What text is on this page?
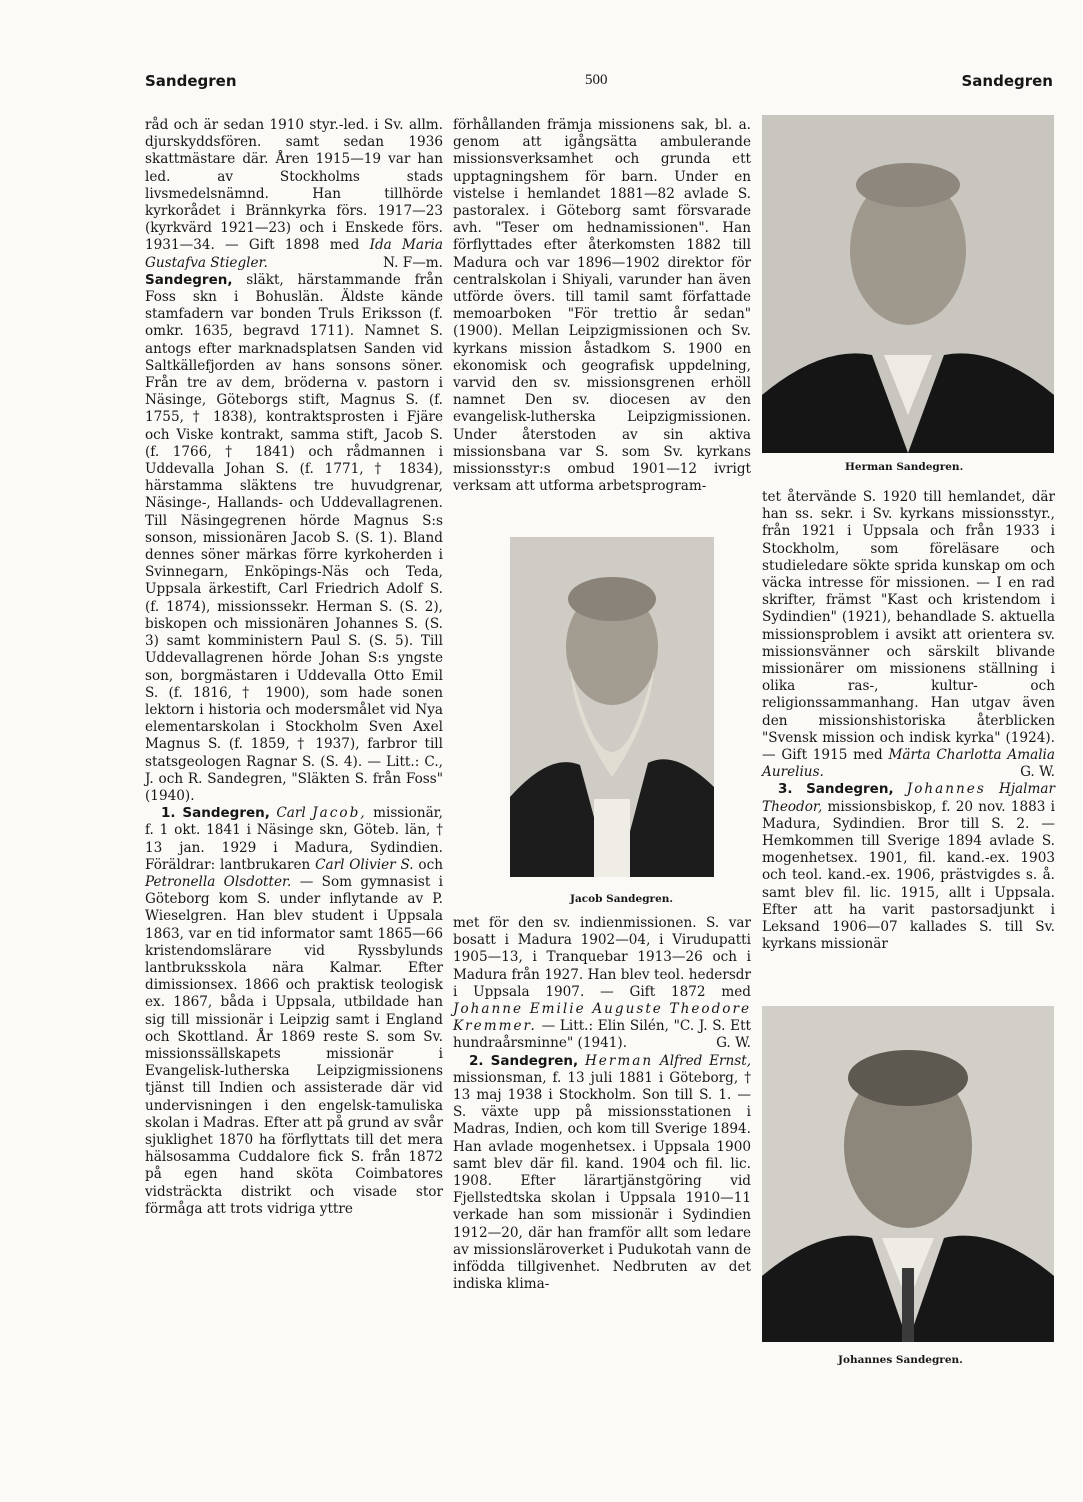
Sandegren	500	Sandegren

råd och är sedan 1910 styr.-led. i Sv. allm. djurskyddsfören. samt sedan 1936 skattmästare där. Åren 1915—19 var han led. av Stockholms stads livsmedelsnämnd. Han tillhörde kyrkorådet i Brännkyrka förs. 1917—23 (kyrkvärd 1921—23) och i Enskede förs. 1931—34. — Gift 1898 med Ida Maria Gustafva Stiegler.	N. F—m.

Sandegren, släkt, härstammande från Foss skn i Bohuslän. Äldste kände stamfadern var bonden Truls Eriksson (f. omkr. 1635, begravd 1711). Namnet S. antogs efter marknadsplatsen Sanden vid Saltkällefjorden av hans sonsons söner. Från tre av dem, bröderna v. pastorn i Näsinge, Göteborgs stift, Magnus S. (f. 1755, † 1838), kontraktsprosten i Fjäre och Viske kontrakt, samma stift, Jacob S. (f. 1766, † 1841) och rådmannen i Uddevalla Johan S. (f. 1771, † 1834), härstamma släktens tre huvudgrenar, Näsinge-, Hallands- och Uddevallagrenen. Till Näsingegrenen hörde Magnus S:s sonson, missionären Jacob S. (S. 1). Bland dennes söner märkas förre kyrkoherden i Svinnegarn, Enköpings-Näs och Teda, Uppsala ärkestift, Carl Friedrich Adolf S. (f. 1874), missionssekr. Herman S. (S. 2), biskopen och missionären Johannes S. (S. 3) samt komministern Paul S. (S. 5). Till Uddevallagrenen hörde Johan S:s yngste son, borgmästaren i Uddevalla Otto Emil S. (f. 1816, † 1900), som hade sonen lektorn i historia och modersmålet vid Nya elementarskolan i Stockholm Sven Axel Magnus S. (f. 1859, † 1937), farbror till statsgeologen Ragnar S. (S. 4). — Litt.: C., J. och R. Sandegren, "Släkten S. från Foss" (1940).

1. Sandegren, Carl Jacob, missionär, f. 1 okt. 1841 i Näsinge skn, Göteb. län, † 13 jan. 1929 i Madura, Sydindien. Föräldrar: lantbrukaren Carl Olivier S. och Petronella Olsdotter. — Som gymnasist i Göteborg kom S. under inflytande av P. Wieselgren. Han blev student i Uppsala 1863, var en tid informator samt 1865—66 kristendomslärare vid Ryssbylunds lantbruksskola nära Kalmar. Efter dimissionsex. 1866 och praktisk teologisk ex. 1867, båda i Uppsala, utbildade han sig till missionär i Leipzig samt i England och Skottland. År 1869 reste S. som Sv. missionssällskapets missionär i Evangelisk-lutherska Leipzigmissionens tjänst till Indien och assisterade där vid undervisningen i den engelsk-tamuliska skolan i Madras. Efter att på grund av svår sjuklighet 1870 ha förflyttats till det mera hälsosamma Cuddalore fick S. från 1872 på egen hand sköta Coimbatores vidsträckta distrikt och visade stor förmåga att trots vidriga yttre

förhållanden främja missionens sak, bl. a. genom att igångsätta ambulerande missionsverksamhet och grunda ett upptagningshem för barn. Under en vistelse i hemlandet 1881—82 avlade S. pastoralex. i Göteborg samt försvarade avh. "Teser om hednamissionen". Han förflyttades efter återkomsten 1882 till Madura och var 1896—1902 direktor för centralskolan i Shiyali, varunder han även utförde övers. till tamil samt författade memoarboken "För trettio år sedan" (1900). Mellan Leipzigmissionen och Sv. kyrkans mission åstadkom S. 1900 en ekonomisk och geografisk uppdelning, varvid den sv. missionsgrenen erhöll namnet Den sv. diocesen av den evangelisk-lutherska Leipzigmissionen. Under återstoden av sin aktiva missionsbana var S. som Sv. kyrkans missionsstyr:s ombud 1901—12 ivrigt verksam att utforma arbetsprogram-

Jacob Sandegren.

met för den sv. indienmissionen. S. var bosatt i Madura 1902—04, i Virudupatti 1905—13, i Tranquebar 1913—26 och i Madura från 1927. Han blev teol. hedersdr i Uppsala 1907. — Gift 1872 med Johanne Emilie Auguste Theodore Kremmer. — Litt.: Elin Silén, "C. J. S. Ett hundraårsminne" (1941).	G. W.

2. Sandegren, Herman Alfred Ernst, missionsman, f. 13 juli 1881 i Göteborg, † 13 maj 1938 i Stockholm. Son till S. 1. — S. växte upp på missionsstationen i Madras, Indien, och kom till Sverige 1894. Han avlade mogenhetsex. i Uppsala 1900 samt blev där fil. kand. 1904 och fil. lic. 1908. Efter lärartjänstgöring vid Fjellstedtska skolan i Uppsala 1910—11 verkade han som missionär i Sydindien 1912—20, där han framför allt som ledare av missionsläroverket i Pudukotah vann de infödda tillgivenhet. Nedbruten av det indiska klima-

Herman Sandegren.

tet återvände S. 1920 till hemlandet, där han ss. sekr. i Sv. kyrkans missionsstyr., från 1921 i Uppsala och från 1933 i Stockholm, som föreläsare och studieledare sökte sprida kunskap om och väcka intresse för missionen. — I en rad skrifter, främst "Kast och kristendom i Sydindien" (1921), behandlade S. aktuella missionsproblem i avsikt att orientera sv. missionsvänner och särskilt blivande missionärer om missionens ställning i olika ras-, kultur- och religionssammanhang. Han utgav även den missionshistoriska återblicken "Svensk mission och indisk kyrka" (1924). — Gift 1915 med Märta Charlotta Amalia Aurelius.	G. W.

3. Sandegren, Johannes Hjalmar Theodor, missionsbiskop, f. 20 nov. 1883 i Madura, Sydindien. Bror till S. 2. — Hemkommen till Sverige 1894 avlade S. mogenhetsex. 1901, fil. kand.-ex. 1903 och teol. kand.-ex. 1906, prästvigdes s. å. samt blev fil. lic. 1915, allt i Uppsala. Efter att ha varit pastorsadjunkt i Leksand 1906—07 kallades S. till Sv. kyrkans missionär

Johannes Sandegren.
